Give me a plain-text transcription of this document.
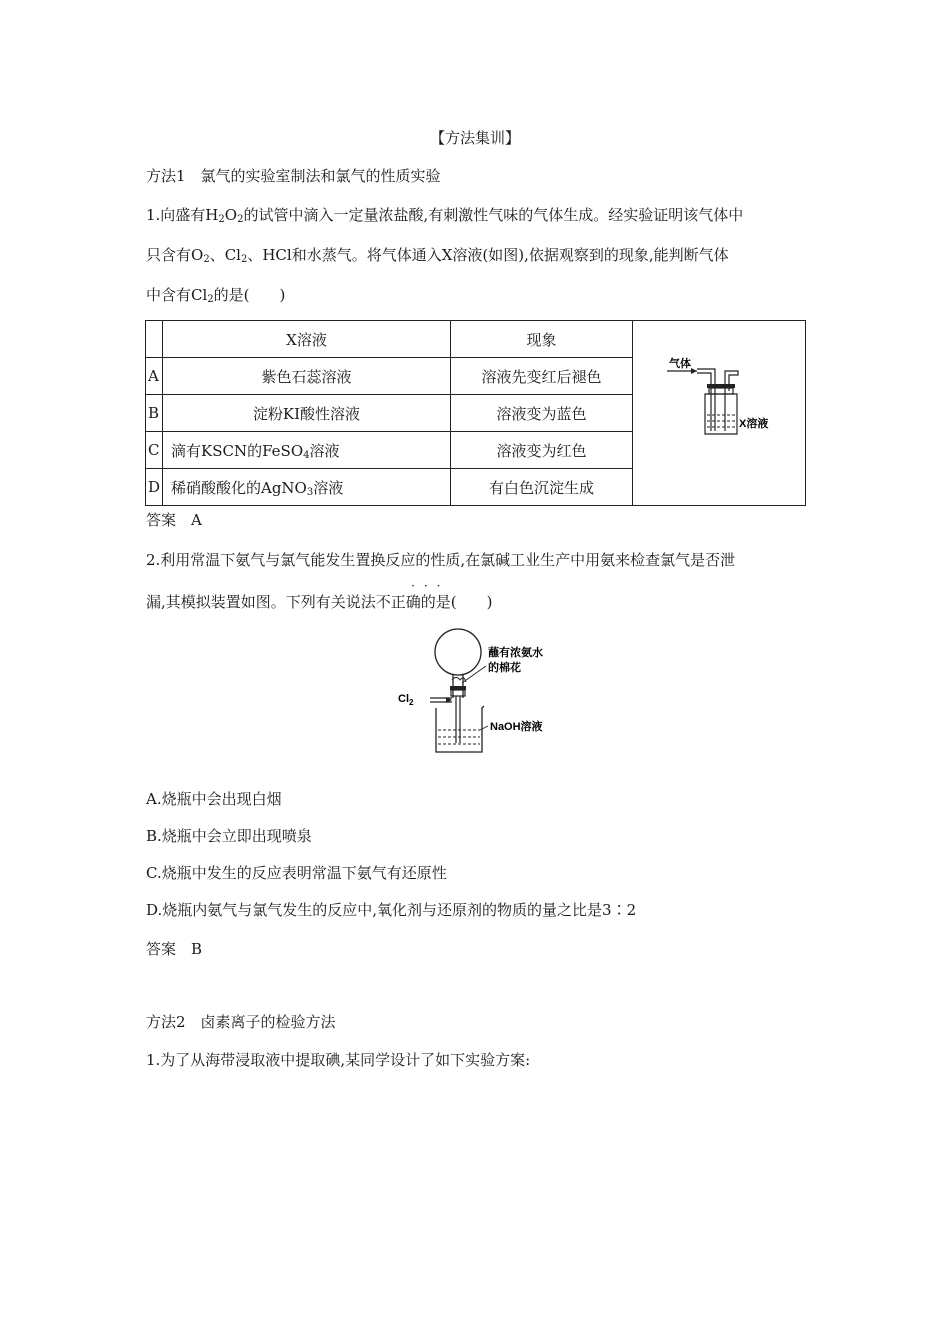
【方法集训】
方法1　氯气的实验室制法和氯气的性质实验
1.向盛有$H_2O_2$的试管中滴入一定量浓盐酸,有刺激性气味的气体生成。经实验证明该气体中
只含有$O_2$、$Cl_2$、HCl和水蒸气。将气体通入X溶液(如图),依据观察到的现象,能判断气体
中含有$Cl_2$的是(　　)
	X溶液	现象	气体
X溶液

A	紫色石蕊溶液	溶液先变红后褪色	
B	淀粉KI酸性溶液	溶液变为蓝色	
C	滴有KSCN的FeSO$_4$溶液	溶液变为红色	
D	稀硝酸酸化的AgNO$_3$溶液	有白色沉淀生成	
答案　A
2.利用常温下氨气与氯气能发生置换反应的性质,在氯碱工业生产中用氨来检查氯气是否泄
···
漏,其模拟装置如图。下列有关说法不正确的是(　　)
蘸有浓氨水
的棉花
$Cl_2$
NaOH溶液
A.烧瓶中会出现白烟
B.烧瓶中会立即出现喷泉
C.烧瓶中发生的反应表明常温下氨气有还原性
D.烧瓶内氨气与氯气发生的反应中,氧化剂与还原剂的物质的量之比是3∶2
答案　B
方法2　卤素离子的检验方法
1.为了从海带浸取液中提取碘,某同学设计了如下实验方案:
